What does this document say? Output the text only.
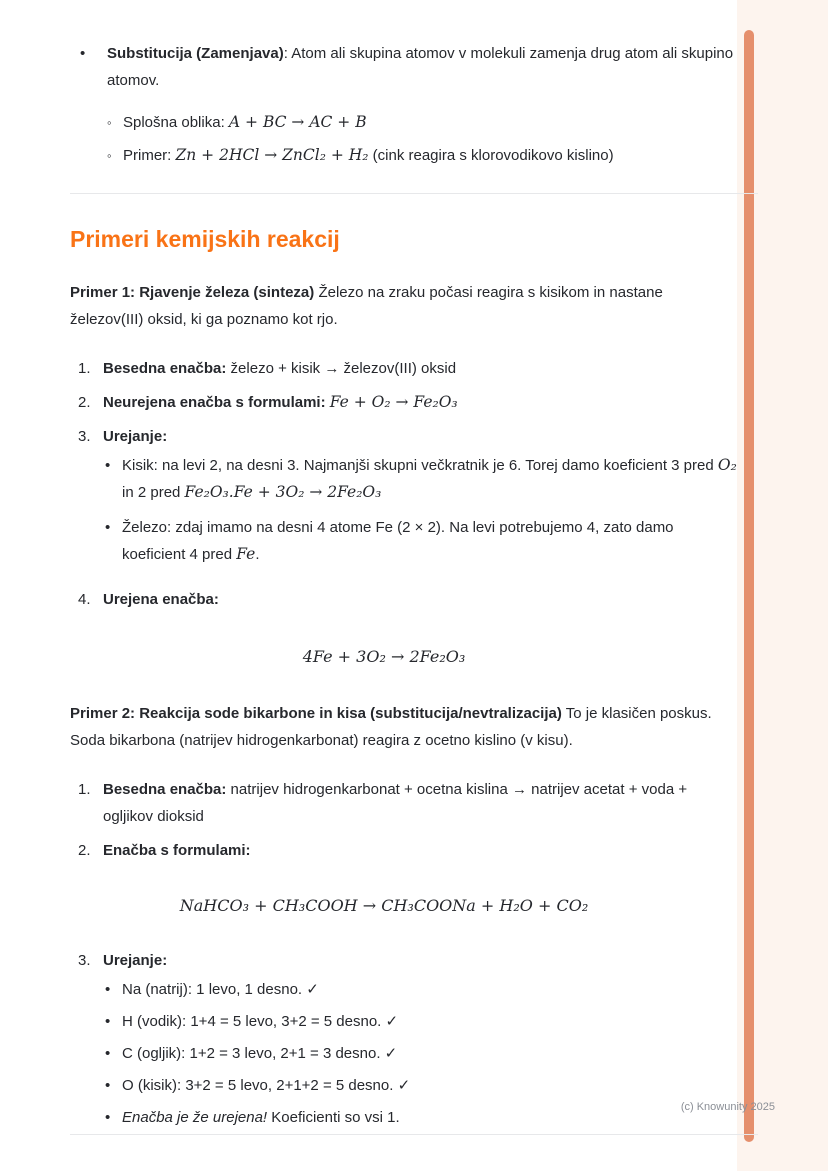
•	Substitucija (Zamenjava): Atom ali skupina atomov v molekuli zamenja drug atom ali skupino atomov.
◦ Splošna oblika: A + BC → AC + B
◦ Primer: Zn + 2HCl → ZnCl₂ + H₂ (cink reagira s klorovodikovo kislino)
Primeri kemijskih reakcij

Primer 1: Rjavenje železa (sinteza) Železo na zraku počasi reagira s kisikom in nastane železov(III) oksid, ki ga poznamo kot rjo.

1. Besedna enačba: železo + kisik → železov(III) oksid
2. Neurejena enačba s formulami: Fe + O₂ → Fe₂O₃
3. Urejanje:
• Kisik: na levi 2, na desni 3. Najmanjši skupni večkratnik je 6. Torej damo koeficient 3 pred O₂ in 2 pred Fe₂O₃.Fe + 3O₂ → 2Fe₂O₃
• Železo: zdaj imamo na desni 4 atome Fe (2 × 2). Na levi potrebujemo 4, zato damo koeficient 4 pred Fe.
4. Urejena enačba:
4Fe + 3O₂ → 2Fe₂O₃

Primer 2: Reakcija sode bikarbone in kisa (substitucija/nevtralizacija) To je klasičen poskus. Soda bikarbona (natrijev hidrogenkarbonat) reagira z ocetno kislino (v kisu).

1. Besedna enačba: natrijev hidrogenkarbonat + ocetna kislina → natrijev acetat + voda + ogljikov dioksid
2. Enačba s formulami:
NaHCO₃ + CH₃COOH → CH₃COONa + H₂O + CO₂
3. Urejanje:
• Na (natrij): 1 levo, 1 desno. ✓
• H (vodik): 1+4 = 5 levo, 3+2 = 5 desno. ✓
• C (ogljik): 1+2 = 3 levo, 2+1 = 3 desno. ✓
• O (kisik): 3+2 = 5 levo, 2+1+2 = 5 desno. ✓
• Enačba je že urejena! Koeficienti so vsi 1.
(c) Knowunity 2025
